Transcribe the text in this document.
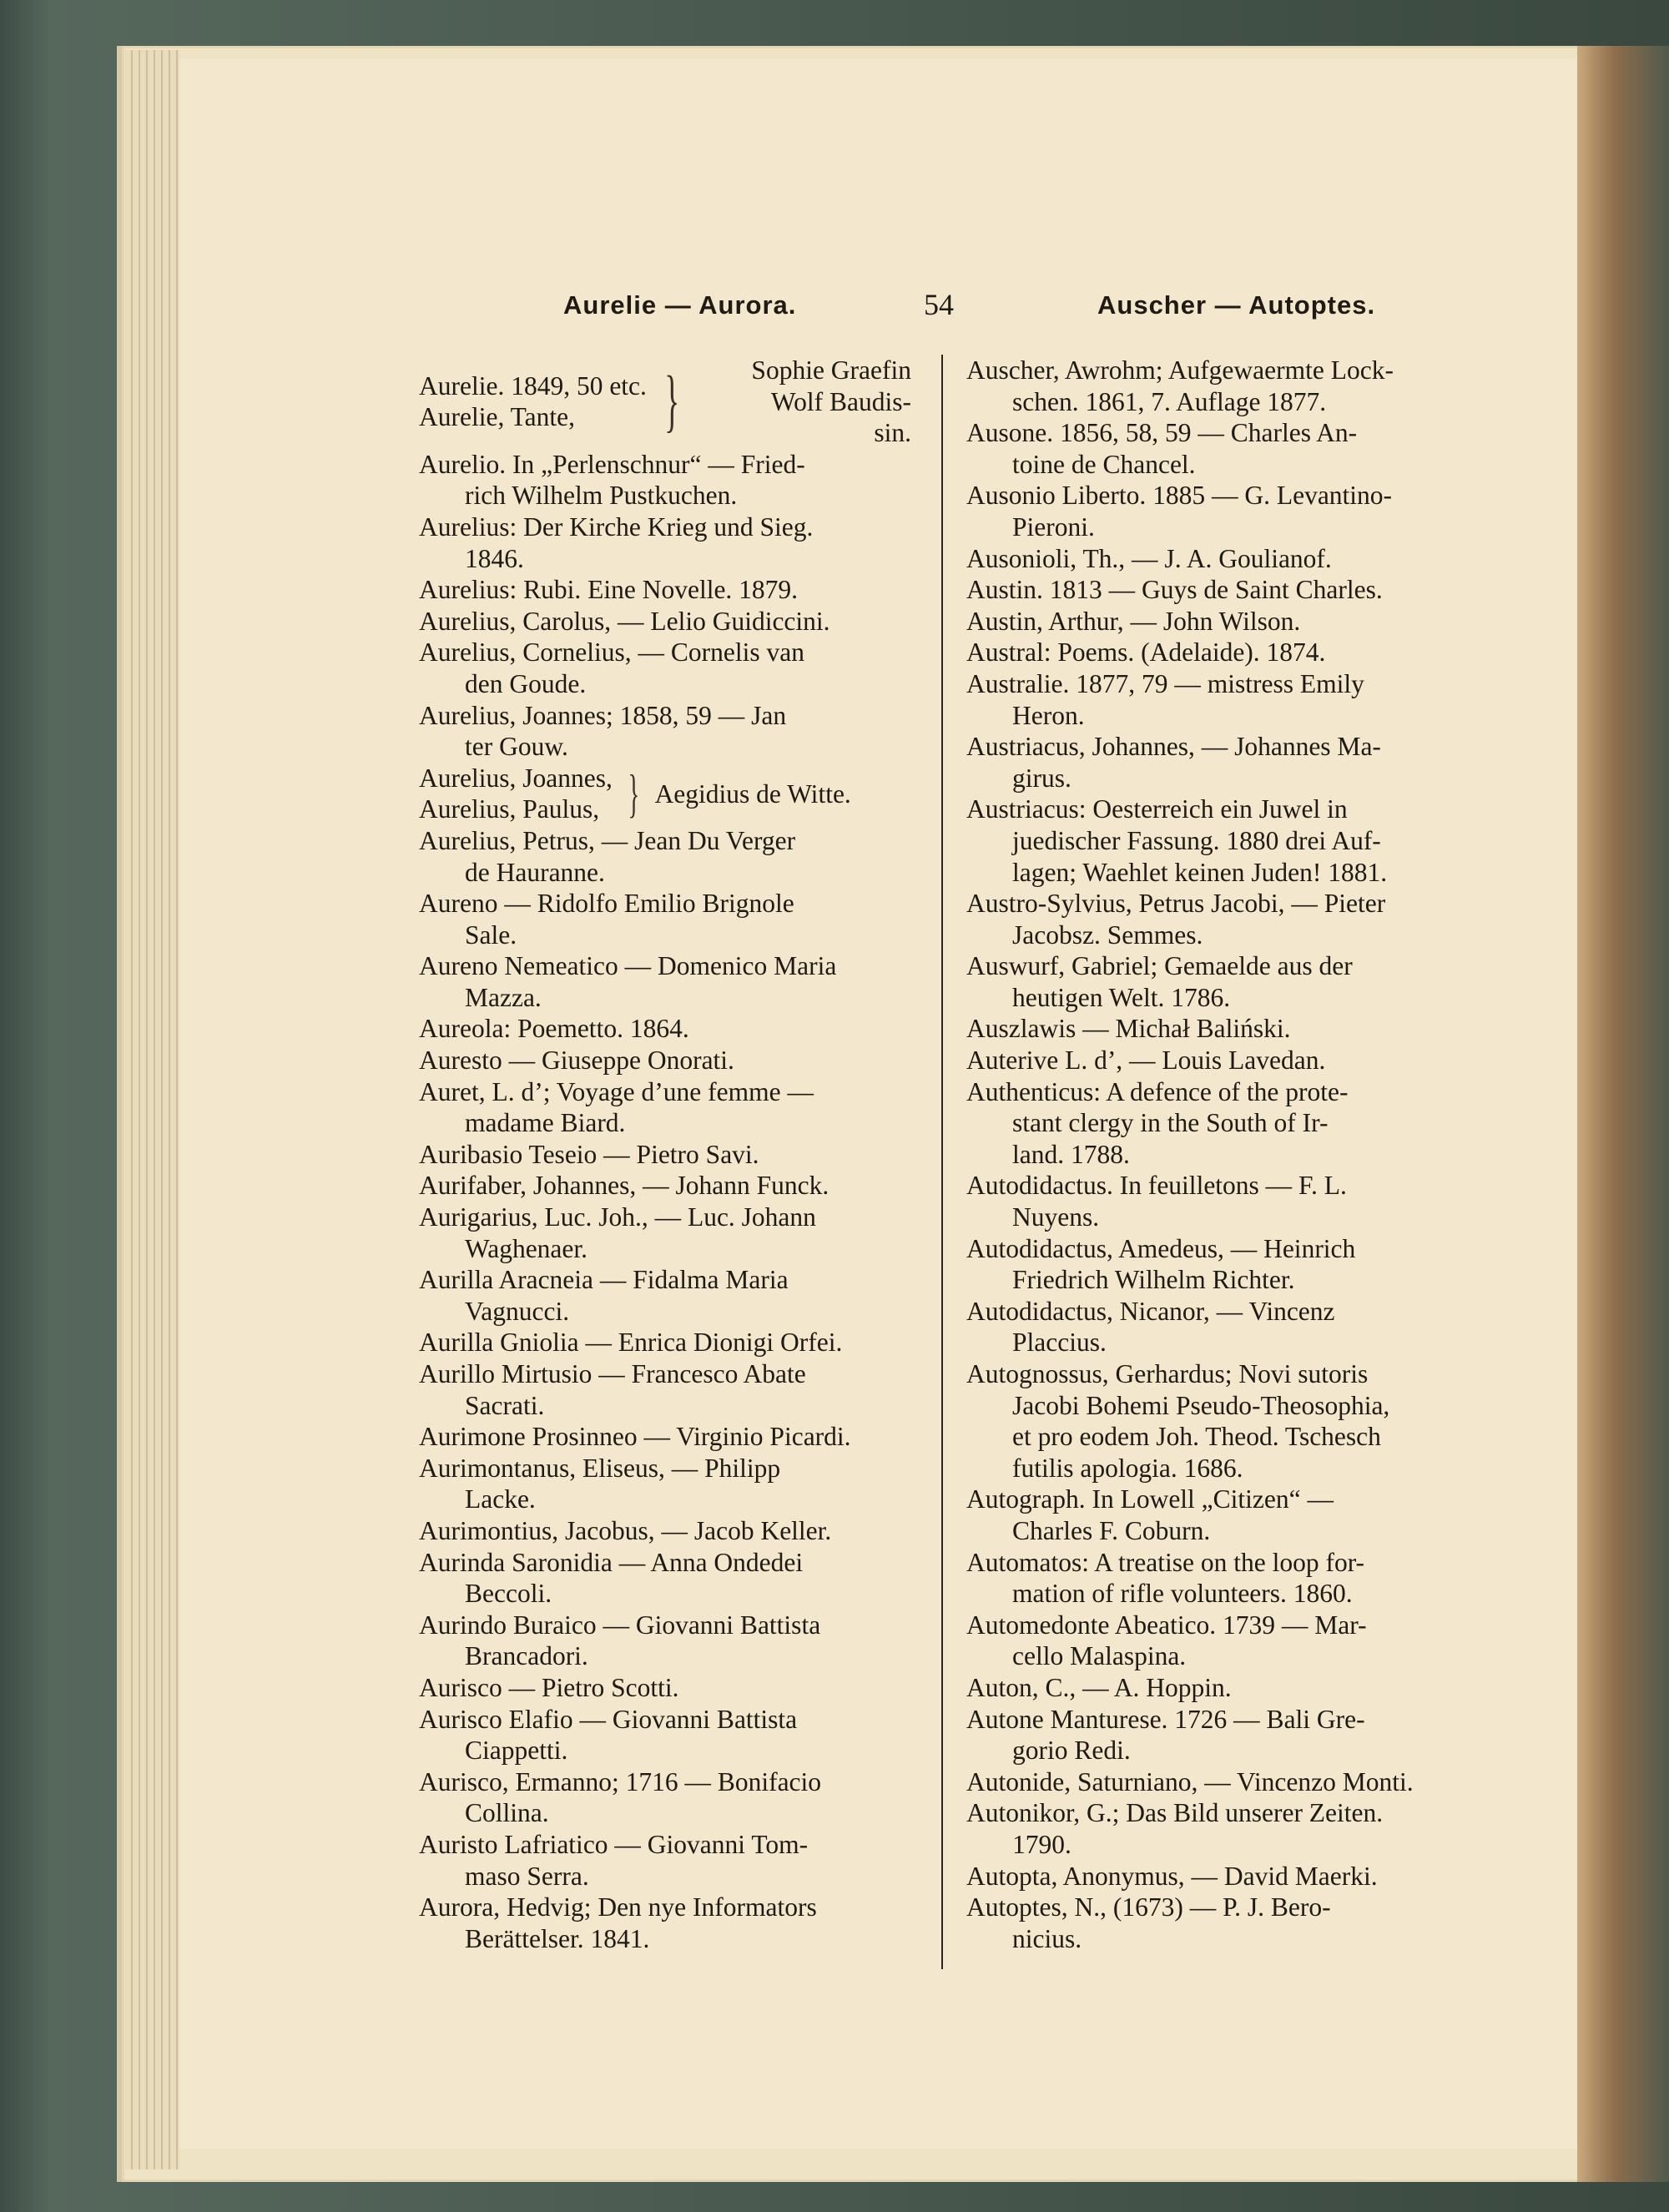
Aurelie — Aurora.	54	Auscher — Autoptes.
Aurelie. 1849, 50 etc.
Aurelie, Tante,	}	Sophie Graefin
Wolf Baudis-
sin.
Aurelio. In „Perlenschnur“ — Fried-
rich Wilhelm Pustkuchen.
Aurelius: Der Kirche Krieg und Sieg.
1846.
Aurelius: Rubi. Eine Novelle. 1879.
Aurelius, Carolus, — Lelio Guidiccini.
Aurelius, Cornelius, — Cornelis van
den Goude.
Aurelius, Joannes; 1858, 59 — Jan
ter Gouw.
Aurelius, Joannes,
Aurelius, Paulus, } Aegidius de Witte.
Aurelius, Petrus, — Jean Du Verger
de Hauranne.
Aureno — Ridolfo Emilio Brignole
Sale.
Aureno Nemeatico — Domenico Maria
Mazza.
Aureola: Poemetto. 1864.
Auresto — Giuseppe Onorati.
Auret, L. d’; Voyage d’une femme —
madame Biard.
Auribasio Teseio — Pietro Savi.
Aurifaber, Johannes, — Johann Funck.
Aurigarius, Luc. Joh., — Luc. Johann
Waghenaer.
Aurilla Aracneia — Fidalma Maria
Vagnucci.
Aurilla Gniolia — Enrica Dionigi Orfei.
Aurillo Mirtusio — Francesco Abate
Sacrati.
Aurimone Prosinneo — Virginio Picardi.
Aurimontanus, Eliseus, — Philipp
Lacke.
Aurimontius, Jacobus, — Jacob Keller.
Aurinda Saronidia — Anna Ondedei
Beccoli.
Aurindo Buraico — Giovanni Battista
Brancadori.
Aurisco — Pietro Scotti.
Aurisco Elafio — Giovanni Battista
Ciappetti.
Aurisco, Ermanno; 1716 — Bonifacio
Collina.
Auristo Lafriatico — Giovanni Tom-
maso Serra.
Aurora, Hedvig; Den nye Informators
Berättelser. 1841.
Auscher, Awrohm; Aufgewaermte Lock-
schen. 1861, 7. Auflage 1877.
Ausone. 1856, 58, 59 — Charles An-
toine de Chancel.
Ausonio Liberto. 1885 — G. Levantino-
Pieroni.
Ausonioli, Th., — J. A. Goulianof.
Austin. 1813 — Guys de Saint Charles.
Austin, Arthur, — John Wilson.
Austral: Poems. (Adelaide). 1874.
Australie. 1877, 79 — mistress Emily
Heron.
Austriacus, Johannes, — Johannes Ma-
girus.
Austriacus: Oesterreich ein Juwel in
juedischer Fassung. 1880 drei Auf-
lagen; Waehlet keinen Juden! 1881.
Austro-Sylvius, Petrus Jacobi, — Pieter
Jacobsz. Semmes.
Auswurf, Gabriel; Gemaelde aus der
heutigen Welt. 1786.
Auszlawis — Michał Baliński.
Auterive L. d’, — Louis Lavedan.
Authenticus: A defence of the prote-
stant clergy in the South of Ir-
land. 1788.
Autodidactus. In feuilletons — F. L.
Nuyens.
Autodidactus, Amedeus, — Heinrich
Friedrich Wilhelm Richter.
Autodidactus, Nicanor, — Vincenz
Placcius.
Autognossus, Gerhardus; Novi sutoris
Jacobi Bohemi Pseudo-Theosophia,
et pro eodem Joh. Theod. Tschesch
futilis apologia. 1686.
Autograph. In Lowell „Citizen“ —
Charles F. Coburn.
Automatos: A treatise on the loop for-
mation of rifle volunteers. 1860.
Automedonte Abeatico. 1739 — Mar-
cello Malaspina.
Auton, C., — A. Hoppin.
Autone Manturese. 1726 — Bali Gre-
gorio Redi.
Autonide, Saturniano, — Vincenzo Monti.
Autonikor, G.; Das Bild unserer Zeiten.
1790.
Autopta, Anonymus, — David Maerki.
Autoptes, N., (1673) — P. J. Bero-
nicius.
